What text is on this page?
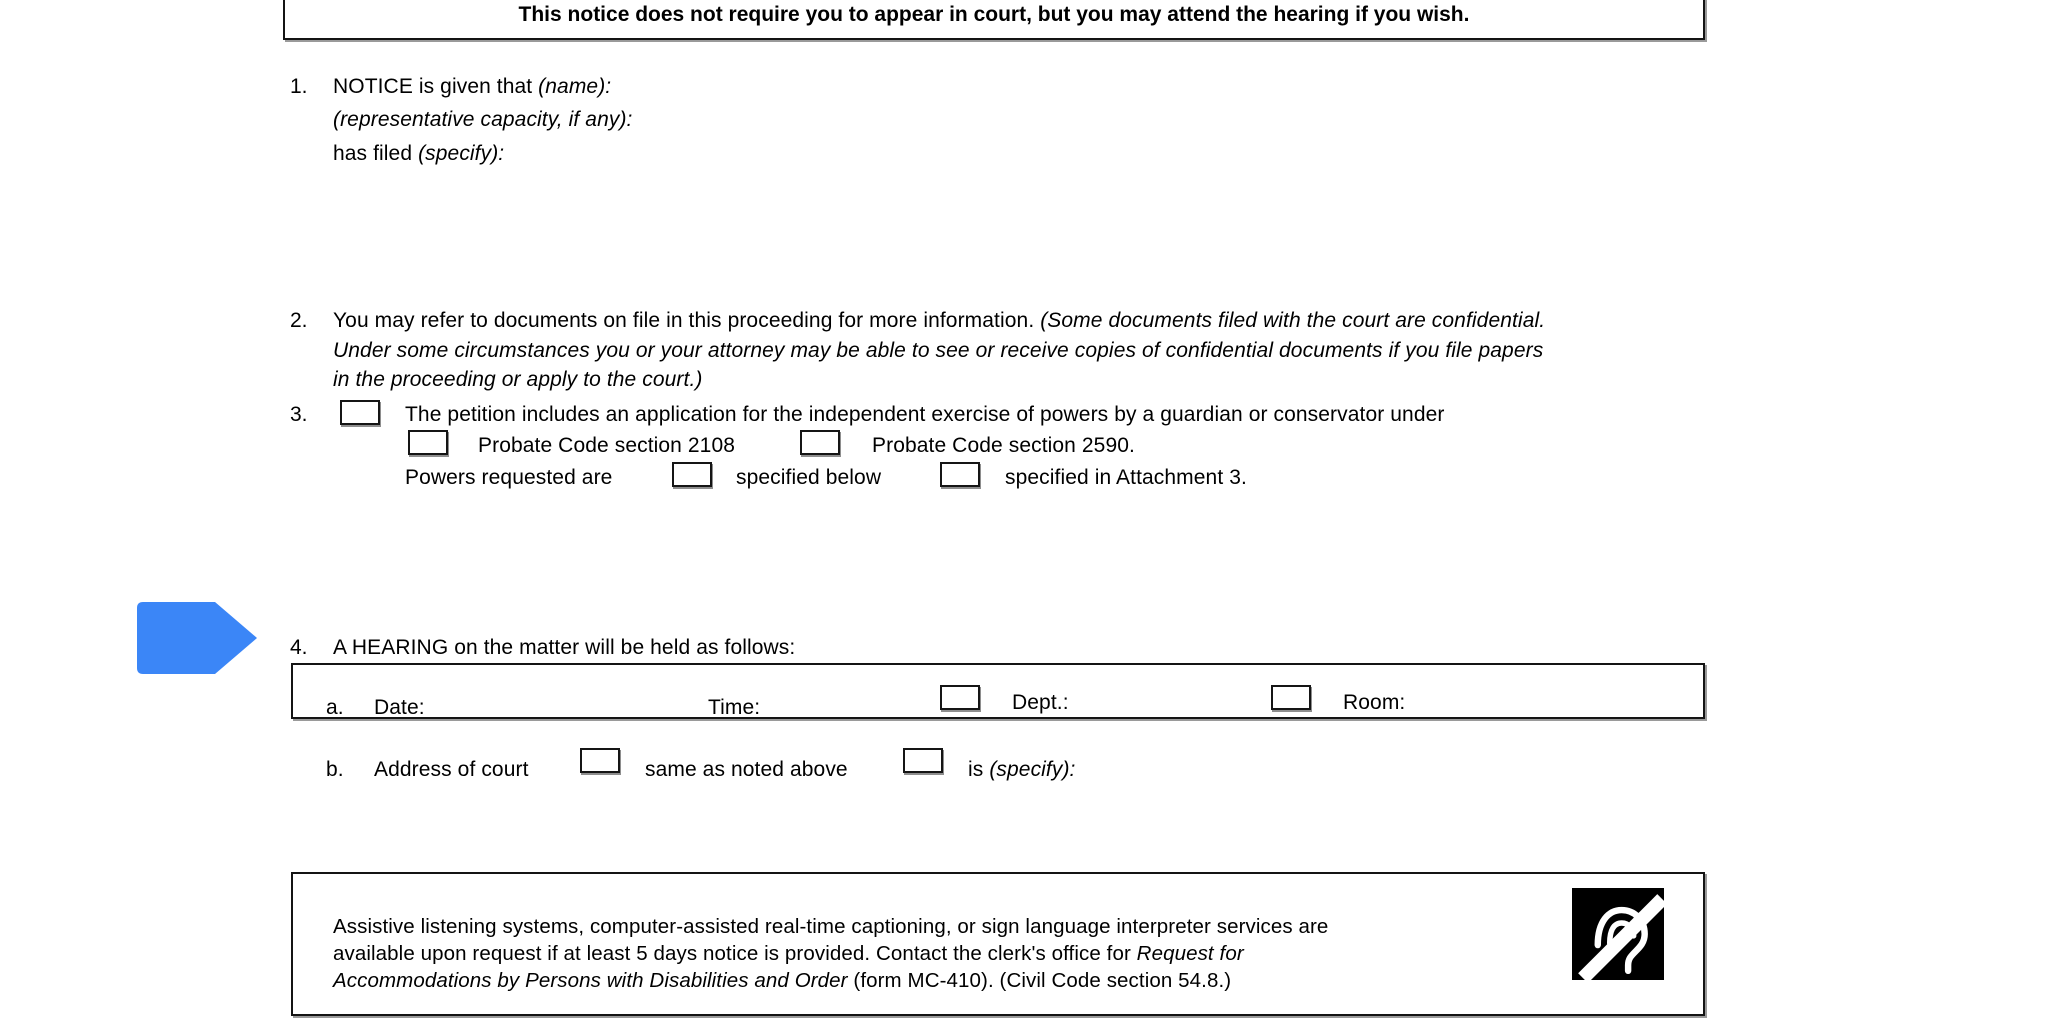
This notice does not require you to appear in court, but you may attend the hearing if you wish.
1. NOTICE is given that (name):
(representative capacity, if any):
has filed (specify):
2. You may refer to documents on file in this proceeding for more information. (Some documents filed with the court are confidential.
Under some circumstances you or your attorney may be able to see or receive copies of confidential documents if you file papers
in the proceeding or apply to the court.)
3.	The petition includes an application for the independent exercise of powers by a guardian or conservator under
Probate Code section 2108	Probate Code section 2590.
Powers requested are	specified below	specified in Attachment 3.
4. A HEARING on the matter will be held as follows:
a. Date:	Time:	Dept.:	Room:
b. Address of court	same as noted above	is (specify):
Assistive listening systems, computer-assisted real-time captioning, or sign language interpreter services are
available upon request if at least 5 days notice is provided. Contact the clerk's office for Request for
Accommodations by Persons with Disabilities and Order (form MC-410). (Civil Code section 54.8.)
